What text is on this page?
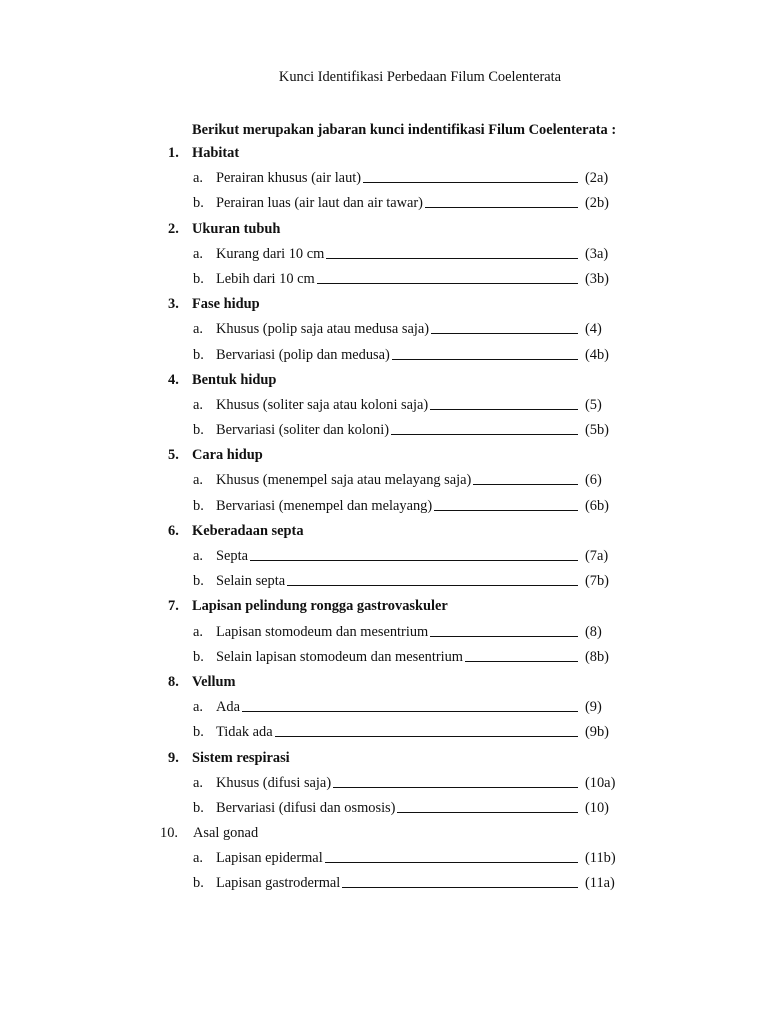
Kunci Identifikasi Perbedaan Filum Coelenterata
Berikut merupakan jabaran kunci indentifikasi Filum Coelenterata :
1. Habitat
a. Perairan khusus (air laut)	(2a)
b. Perairan luas (air laut dan air tawar)	(2b)
2. Ukuran tubuh
a. Kurang dari 10 cm	(3a)
b. Lebih dari 10 cm	(3b)
3. Fase hidup
a. Khusus (polip saja atau medusa saja)	(4)
b. Bervariasi (polip dan medusa)	(4b)
4. Bentuk hidup
a. Khusus (soliter saja atau koloni saja)	(5)
b. Bervariasi (soliter dan koloni)	(5b)
5. Cara hidup
a. Khusus (menempel saja atau melayang saja)	(6)
b. Bervariasi (menempel dan melayang)	(6b)
6. Keberadaan septa
a. Septa	(7a)
b. Selain septa	(7b)
7. Lapisan pelindung rongga gastrovaskuler
a. Lapisan stomodeum dan mesentrium	(8)
b. Selain lapisan stomodeum dan mesentrium	(8b)
8. Vellum
a. Ada	(9)
b. Tidak ada	(9b)
9. Sistem respirasi
a. Khusus (difusi saja)	(10a)
b. Bervariasi (difusi dan osmosis)	(10)
10. Asal gonad
a. Lapisan epidermal	(11b)
b. Lapisan gastrodermal	(11a)
